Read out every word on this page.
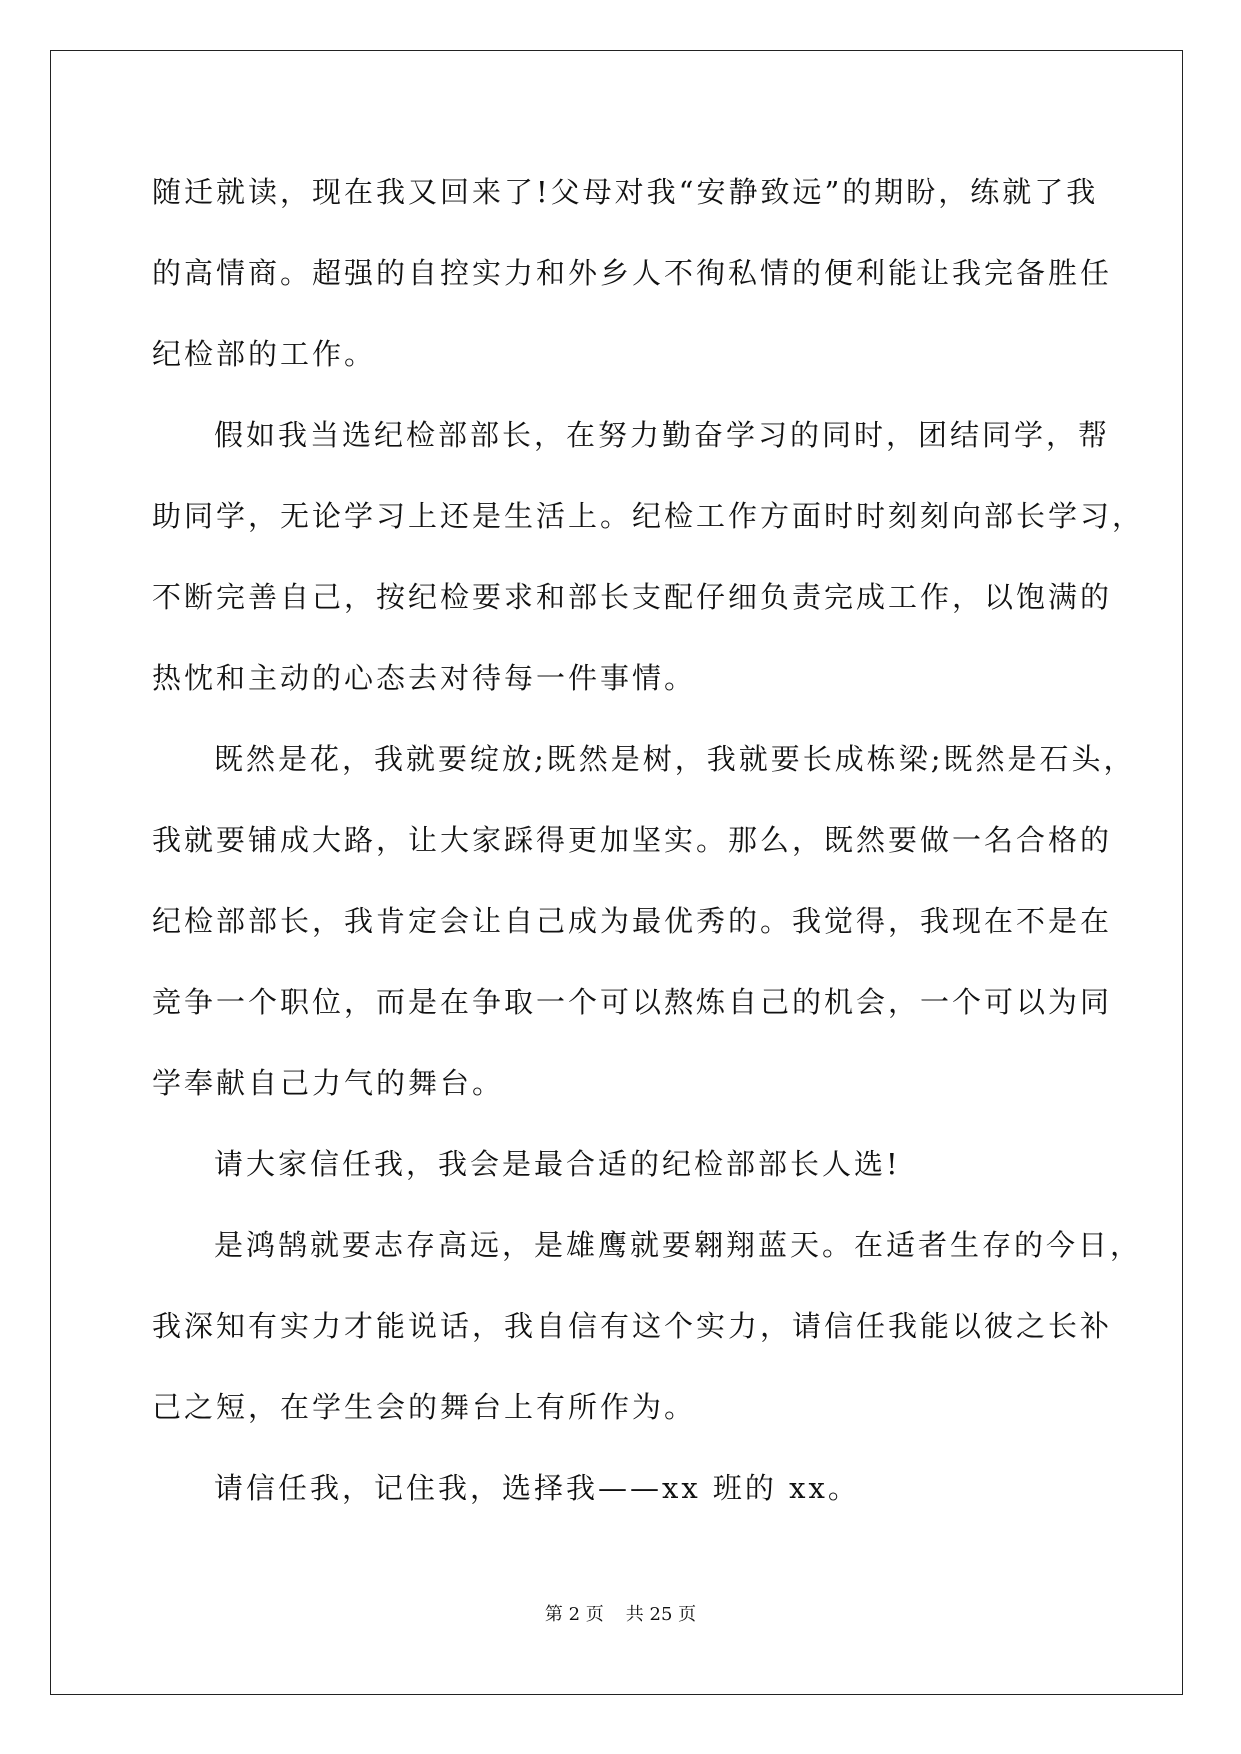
随迁就读，现在我又回来了!父母对我“安静致远”的期盼，练就了我
的高情商。超强的自控实力和外乡人不徇私情的便利能让我完备胜任
纪检部的工作。
假如我当选纪检部部长，在努力勤奋学习的同时，团结同学，帮
助同学，无论学习上还是生活上。纪检工作方面时时刻刻向部长学习，
不断完善自己，按纪检要求和部长支配仔细负责完成工作，以饱满的
热忱和主动的心态去对待每一件事情。
既然是花，我就要绽放;既然是树，我就要长成栋梁;既然是石头，
我就要铺成大路，让大家踩得更加坚实。那么，既然要做一名合格的
纪检部部长，我肯定会让自己成为最优秀的。我觉得，我现在不是在
竞争一个职位，而是在争取一个可以熬炼自己的机会，一个可以为同
学奉献自己力气的舞台。
请大家信任我，我会是最合适的纪检部部长人选!
是鸿鹄就要志存高远，是雄鹰就要翱翔蓝天。在适者生存的今日，
我深知有实力才能说话，我自信有这个实力，请信任我能以彼之长补
己之短，在学生会的舞台上有所作为。
请信任我，记住我，选择我——xx 班的 xx。
第 2 页 共 25 页
